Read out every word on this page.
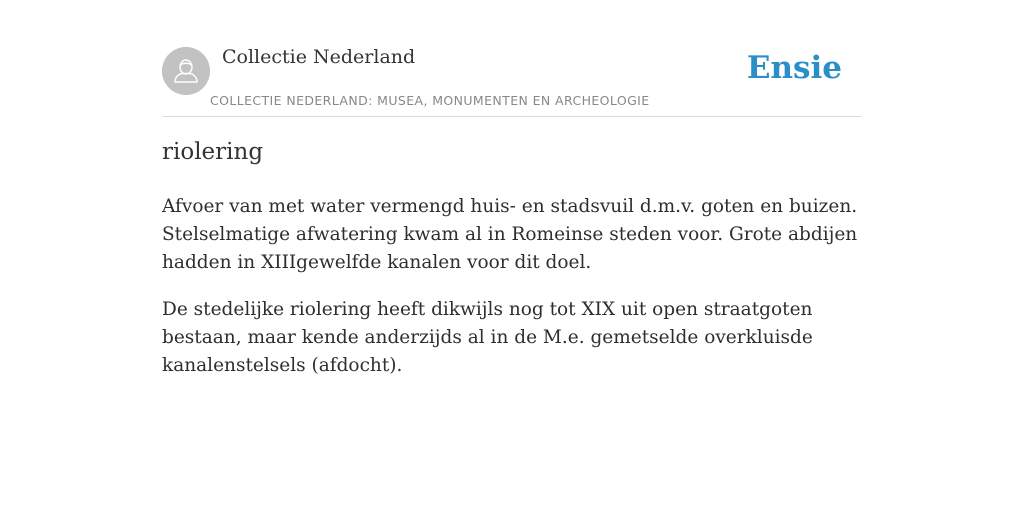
Collectie Nederland
COLLECTIE NEDERLAND: MUSEA, MONUMENTEN EN ARCHEOLOGIE
Ensie
riolering

Afvoer van met water vermengd huis- en stadsvuil d.m.v. goten en buizen. Stelselmatige afwatering kwam al in Romeinse steden voor. Grote abdijen hadden in XIIIgewelfde kanalen voor dit doel.

De stedelijke riolering heeft dikwijls nog tot XIX uit open straatgoten bestaan, maar kende anderzijds al in de M.e. gemetselde overkluisde kanalenstelsels (afdocht).
